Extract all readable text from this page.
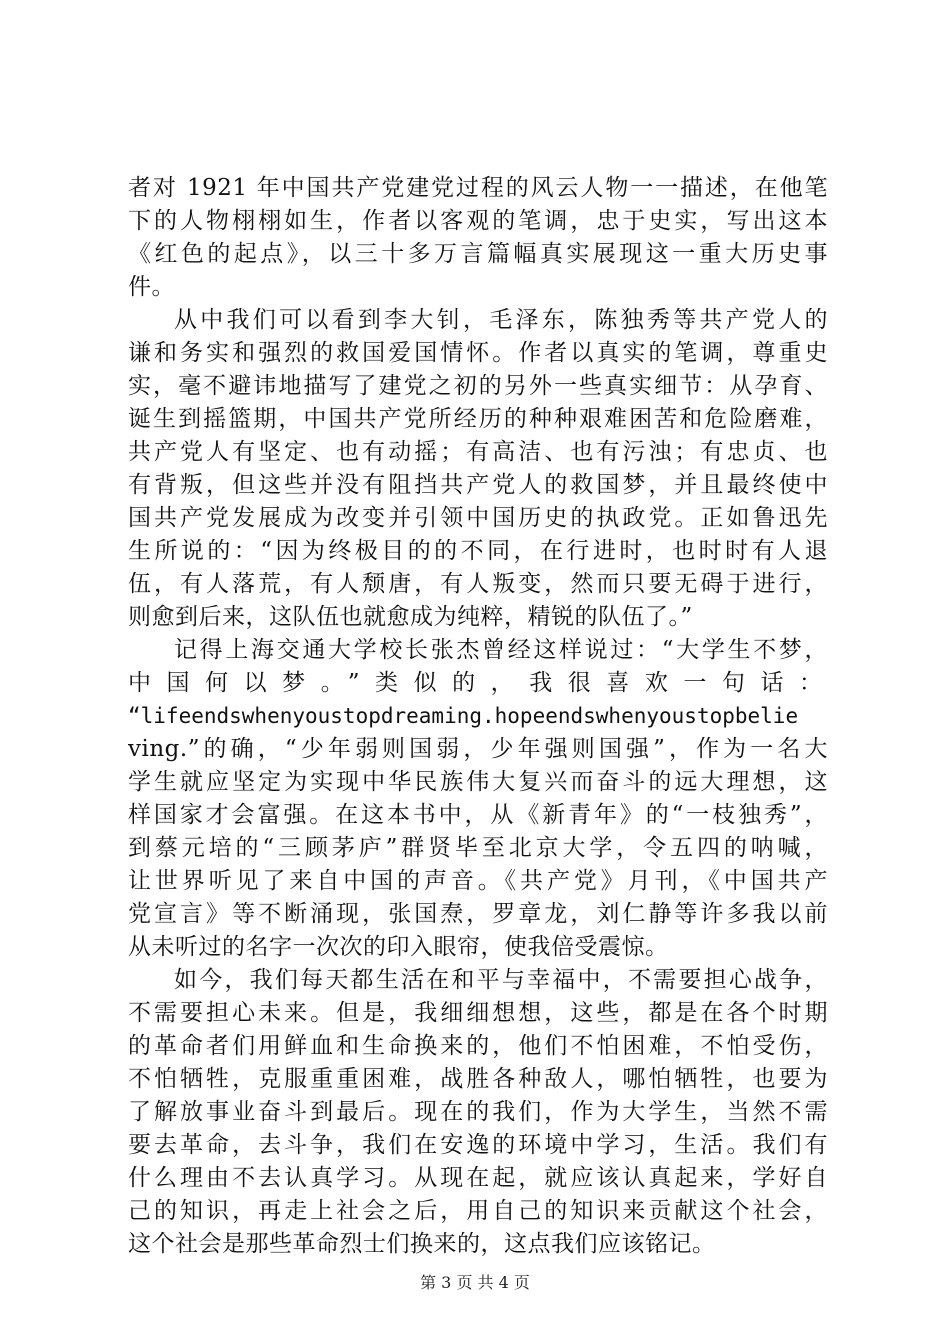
者对 1921 年中国共产党建党过程的风云人物一一描述，在他笔
下的人物栩栩如生，作者以客观的笔调，忠于史实，写出这本
《红色的起点》，以三十多万言篇幅真实展现这一重大历史事
件。
从中我们可以看到李大钊，毛泽东，陈独秀等共产党人的
谦和务实和强烈的救国爱国情怀。作者以真实的笔调，尊重史
实，毫不避讳地描写了建党之初的另外一些真实细节：从孕育、
诞生到摇篮期，中国共产党所经历的种种艰难困苦和危险磨难，
共产党人有坚定、也有动摇；有高洁、也有污浊；有忠贞、也
有背叛，但这些并没有阻挡共产党人的救国梦，并且最终使中
国共产党发展成为改变并引领中国历史的执政党。正如鲁迅先
生所说的：“因为终极目的的不同，在行进时，也时时有人退
伍，有人落荒，有人颓唐，有人叛变，然而只要无碍于进行，
则愈到后来，这队伍也就愈成为纯粹，精锐的队伍了。”
记得上海交通大学校长张杰曾经这样说过：“大学生不梦，
中国何以梦。”类似的，我很喜欢一句话：
“lifeendswhenyoustopdreaming.hopeendswhenyoustopbelie
ving.”的确，“少年弱则国弱，少年强则国强”，作为一名大
学生就应坚定为实现中华民族伟大复兴而奋斗的远大理想，这
样国家才会富强。在这本书中，从《新青年》的“一枝独秀”，
到蔡元培的“三顾茅庐”群贤毕至北京大学，令五四的呐喊，
让世界听见了来自中国的声音。《共产党》月刊，《中国共产
党宣言》等不断涌现，张国焘，罗章龙，刘仁静等许多我以前
从未听过的名字一次次的印入眼帘，使我倍受震惊。
如今，我们每天都生活在和平与幸福中，不需要担心战争，
不需要担心未来。但是，我细细想想，这些，都是在各个时期
的革命者们用鲜血和生命换来的，他们不怕困难，不怕受伤，
不怕牺牲，克服重重困难，战胜各种敌人，哪怕牺牲，也要为
了解放事业奋斗到最后。现在的我们，作为大学生，当然不需
要去革命，去斗争，我们在安逸的环境中学习，生活。我们有
什么理由不去认真学习。从现在起，就应该认真起来，学好自
己的知识，再走上社会之后，用自己的知识来贡献这个社会，
这个社会是那些革命烈士们换来的，这点我们应该铭记。
第 3 页 共 4 页
